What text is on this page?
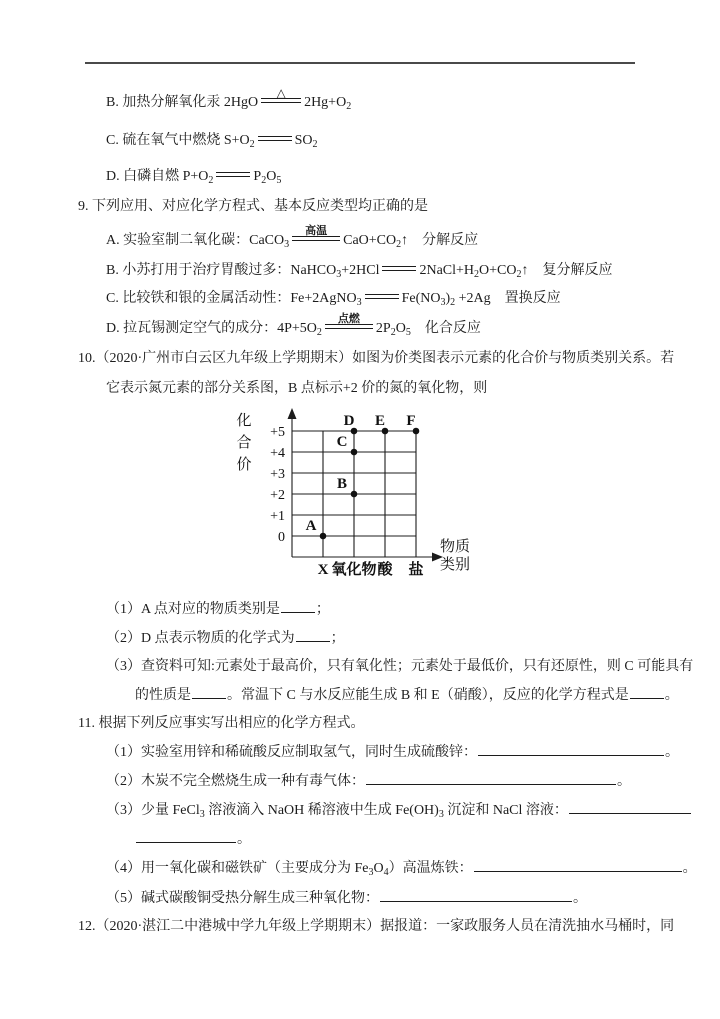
B. 加热分解氧化汞 2HgO
△
$2Hg+O_2$

C. 硫在氧气中燃烧 $S+O_2$	$SO_2$

D. 白磷自燃 $P+O_2$	$P_2O_5$

9. 下列应用、对应化学方程式、基本反应类型均正确的是

A. 实验室制二氧化碳：CaCO$_3$
高温
$CaO+CO_2↑$　分解反应

B. 小苏打用于治疗胃酸过多：NaHCO$_3$+2HCl	$2NaCl+H_2O+CO_2↑$　复分解反应

C. 比较铁和银的金属活动性：Fe+2AgNO$_3$	$Fe(NO_3)_2 +2Ag$　置换反应

D. 拉瓦锡测定空气的成分：$4P+5O_2$
点燃
$2P_2O_5$　化合反应

10.（2020·广州市白云区九年级上学期期末）如图为价类图表示元素的化合价与物质类别关系。若

它表示氮元素的部分关系图，B 点标示+2 价的氮的氧化物，则

+5
+4
+3
+2
+1
0
X 氧化物 酸 盐
化
合
价
物质
类别
A
B
C
D E F

（1）A 点对应的物质类别是	；

（2）D 点表示物质的化学式为	；

（3）查资料可知:元素处于最高价，只有氧化性；元素处于最低价，只有还原性，则 C 可能具有

的性质是	。常温下 C 与水反应能生成 B 和 E（硝酸），反应的化学方程式是	。

11. 根据下列反应事实写出相应的化学方程式。

（1）实验室用锌和稀硫酸反应制取氢气，同时生成硫酸锌：	。

（2）木炭不完全燃烧生成一种有毒气体：	。

（3）少量 FeCl$_3$ 溶液滴入 NaOH 稀溶液中生成 $Fe(OH)_3$ 沉淀和 NaCl 溶液：

。

（4）用一氧化碳和磁铁矿（主要成分为 $Fe_3O_4$）高温炼铁：	。

（5）碱式碳酸铜受热分解生成三种氧化物：	。

12.（2020·湛江二中港城中学九年级上学期期末）据报道：一家政服务人员在清洗抽水马桶时，同
